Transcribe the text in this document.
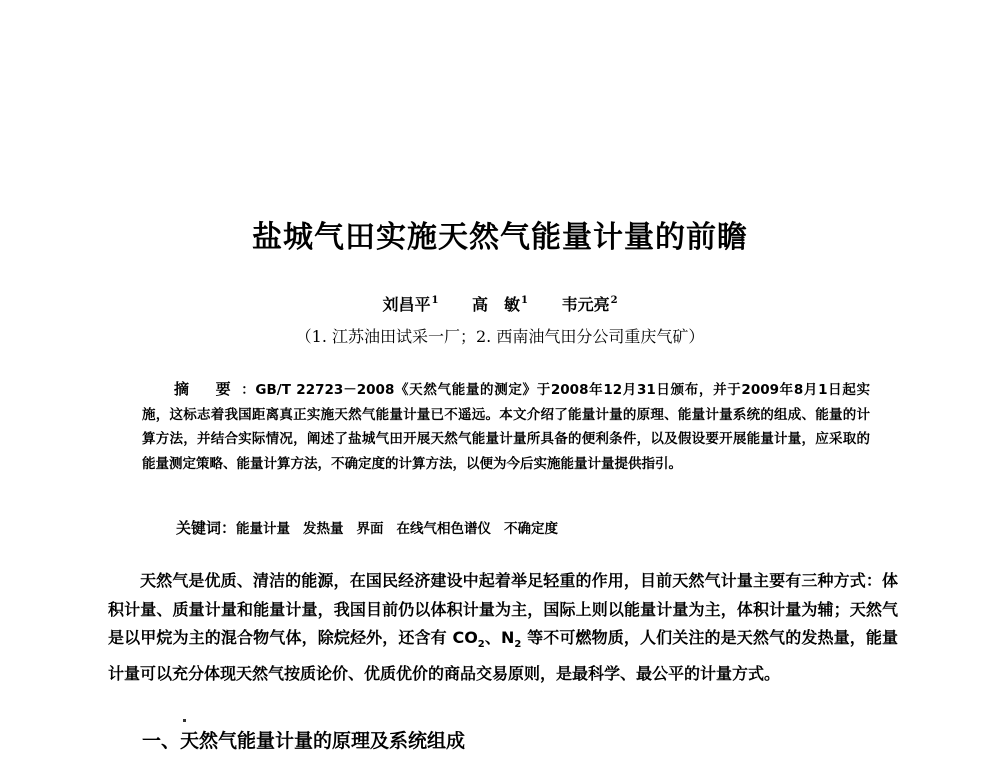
盐城气田实施天然气能量计量的前瞻
刘昌平$^1$ 高　敏$^1$ 韦元亮$^2$
（1. 江苏油田试采一厂；2. 西南油气田分公司重庆气矿）

摘 要：GB/T 22723－2008《天然气能量的测定》于2008年12月31日颁布，并于2009年8月1日起实施，这标志着我国距离真正实施天然气能量计量已不遥远。本文介绍了能量计量的原理、能量计量系统的组成、能量的计算方法，并结合实际情况，阐述了盐城气田开展天然气能量计量所具备的便利条件，以及假设要开展能量计量，应采取的能量测定策略、能量计算方法，不确定度的计算方法，以便为今后实施能量计量提供指引。

关键词：能量计量 发热量 界面 在线气相色谱仪 不确定度

天然气是优质、清洁的能源，在国民经济建设中起着举足轻重的作用，目前天然气计量主要有三种方式：体积计量、质量计量和能量计量，我国目前仍以体积计量为主，国际上则以能量计量为主，体积计量为辅；天然气是以甲烷为主的混合物气体，除烷烃外，还含有 $CO_2$、$N_2$ 等不可燃物质，人们关注的是天然气的发热量，能量计量可以充分体现天然气按质论价、优质优价的商品交易原则，是最科学、最公平的计量方式。

一、天然气能量计量的原理及系统组成
